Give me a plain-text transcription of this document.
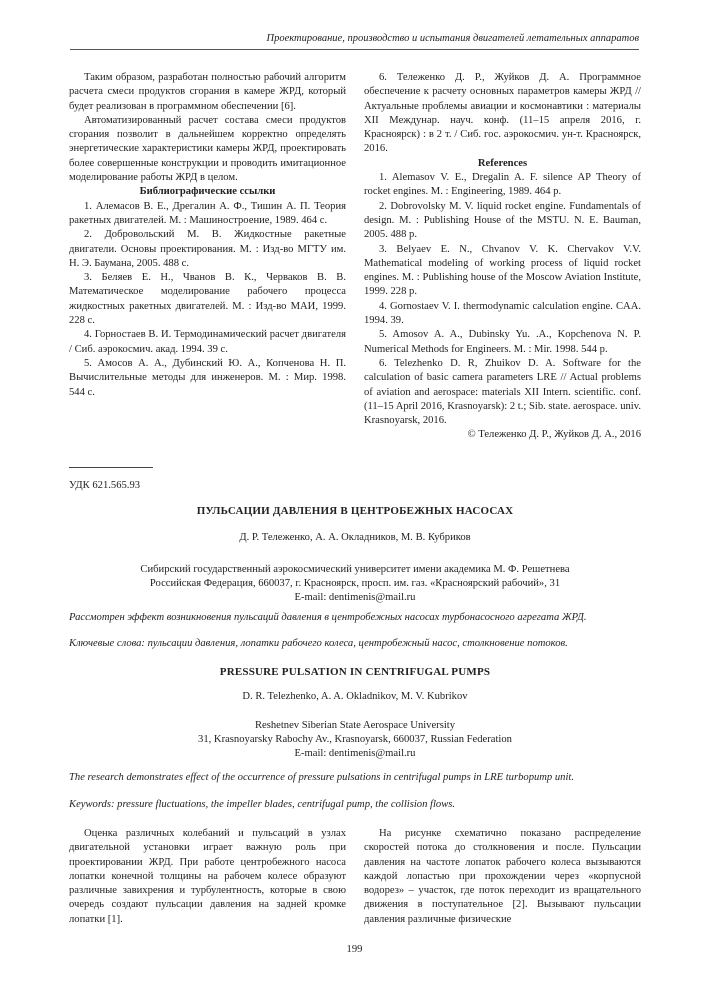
Проектирование, производство и испытания двигателей летательных аппаратов

Таким образом, разработан полностью рабочий алгоритм расчета смеси продуктов сгорания в камере ЖРД, который будет реализован в программном обеспечении [6].

Автоматизированный расчет состава смеси продуктов сгорания позволит в дальнейшем корректно определять энергетические характеристики камеры ЖРД, проектировать более совершенные конструкции и проводить имитационное моделирование работы ЖРД в целом.

Библиографические ссылки

1. Алемасов В. Е., Дрегалин А. Ф., Тишин А. П. Теория ракетных двигателей. М. : Машиностроение, 1989. 464 с.

2. Добровольский М. В. Жидкостные ракетные двигатели. Основы проектирования. М. : Изд-во МГТУ им. Н. Э. Баумана, 2005. 488 с.

3. Беляев Е. Н., Чванов В. К., Черваков В. В. Математическое моделирование рабочего процесса жидкостных ракетных двигателей. М. : Изд-во МАИ, 1999. 228 с.

4. Горностаев В. И. Термодинамический расчет двигателя / Сиб. аэрокосмич. акад. 1994. 39 с.

5. Амосов А. А., Дубинский Ю. А., Копченова Н. П. Вычислительные методы для инженеров. М. : Мир. 1998. 544 с.

6. Тележенко Д. Р., Жуйков Д. А. Программное обеспечение к расчету основных параметров камеры ЖРД // Актуальные проблемы авиации и космонавтики : материалы XII Междунар. науч. конф. (11–15 апреля 2016, г. Красноярск) : в 2 т. / Сиб. гос. аэрокосмич. ун-т. Красноярск, 2016.

References

1. Alemasov V. E., Dregalin A. F. silence AP Theory of rocket engines. M. : Engineering, 1989. 464 p.

2. Dobrovolsky M. V. liquid rocket engine. Fundamentals of design. M. : Publishing House of the MSTU. N. E. Bauman, 2005. 488 p.

3. Belyaev E. N., Chvanov V. K. Chervakov V.V. Mathematical modeling of working process of liquid rocket engines. M. : Publishing house of the Moscow Aviation Institute, 1999. 228 p.

4. Gornostaev V. I. thermodynamic calculation engine. CAA. 1994. 39.

5. Amosov A. A., Dubinsky Yu. .A., Kopchenova N. P. Numerical Methods for Engineers. M. : Mir. 1998. 544 p.

6. Telezhenko D. R, Zhuikov D. A. Software for the calculation of basic camera parameters LRE // Actual problems of aviation and aerospace: materials XII Intern. scientific. conf. (11–15 April 2016, Krasnoyarsk): 2 t.; Sib. state. aerospace. univ. Krasnoyarsk, 2016.

© Тележенко Д. Р., Жуйков Д. А., 2016

УДК 621.565.93
ПУЛЬСАЦИИ ДАВЛЕНИЯ В ЦЕНТРОБЕЖНЫХ НАСОСАХ
Д. Р. Тележенко, А. А. Окладников, М. В. Кубриков
Сибирский государственный аэрокосмический университет имени академика М. Ф. Решетнева
Российская Федерация, 660037, г. Красноярск, просп. им. газ. «Красноярский рабочий», 31
E-mail: dentimenis@mail.ru
Рассмотрен эффект возникновения пульсаций давления в центробежных насосах турбонасосного агрегата ЖРД.
Ключевые слова: пульсации давления, лопатки рабочего колеса, центробежный насос, столкновение потоков.
PRESSURE PULSATION IN CENTRIFUGAL PUMPS
D. R. Telezhenko, A. A. Okladnikov, M. V. Kubrikov
Reshetnev Siberian State Aerospace University
31, Krasnoyarsky Rabochy Av., Krasnoyarsk, 660037, Russian Federation
E-mail: dentimenis@mail.ru
The research demonstrates effect of the occurrence of pressure pulsations in centrifugal pumps in LRE turbopump unit.
Keywords: pressure fluctuations, the impeller blades, centrifugal pump, the collision flows.

Оценка различных колебаний и пульсаций в узлах двигательной установки играет важную роль при проектировании ЖРД. При работе центробежного насоса лопатки конечной толщины на рабочем колесе образуют различные завихрения и турбулентность, которые в свою очередь создают пульсации давления на задней кромке лопатки [1].

На рисунке схематично показано распределение скоростей потока до столкновения и после. Пульсации давления на частоте лопаток рабочего колеса вызываются каждой лопастью при прохождении через «корпусной водорез» – участок, где поток переходит из вращательного движения в поступательное [2]. Вызывают пульсации давления различные физические

199
